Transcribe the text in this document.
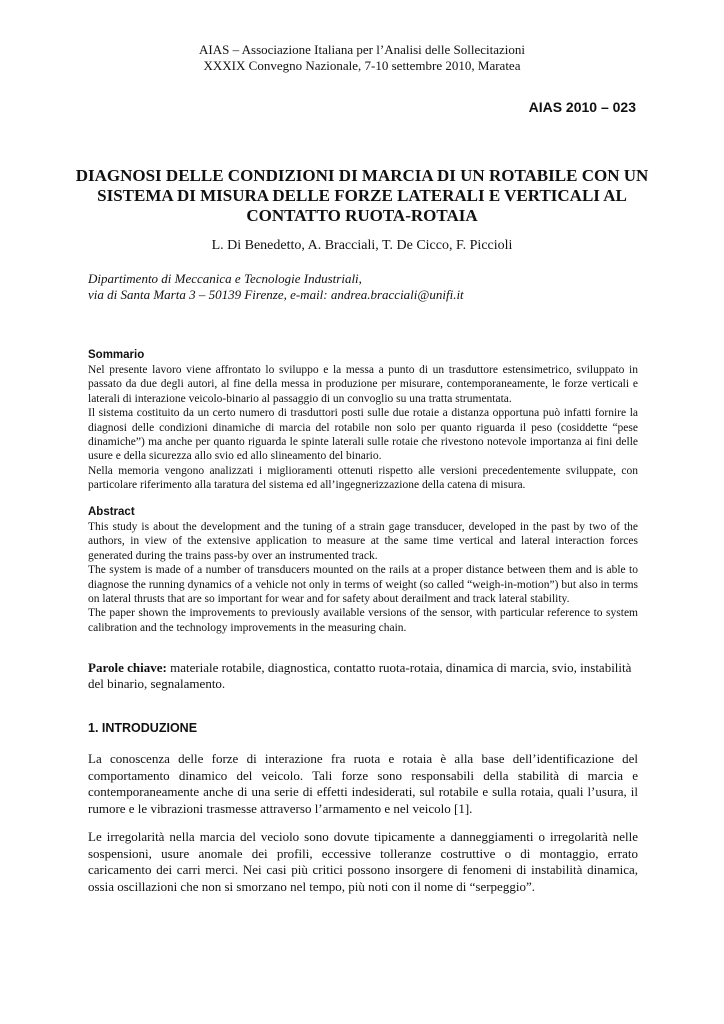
AIAS – Associazione Italiana per l’Analisi delle Sollecitazioni
XXXIX Convegno Nazionale, 7-10 settembre 2010, Maratea
AIAS 2010 – 023
DIAGNOSI DELLE CONDIZIONI DI MARCIA DI UN ROTABILE CON UN SISTEMA DI MISURA DELLE FORZE LATERALI E VERTICALI AL CONTATTO RUOTA-ROTAIA
L. Di Benedetto, A. Bracciali, T. De Cicco, F. Piccioli
Dipartimento di Meccanica e Tecnologie Industriali,
via di Santa Marta 3 – 50139 Firenze, e-mail: andrea.bracciali@unifi.it
Sommario

Nel presente lavoro viene affrontato lo sviluppo e la messa a punto di un trasduttore estensimetrico, sviluppato in passato da due degli autori, al fine della messa in produzione per misurare, contemporaneamente, le forze verticali e laterali di interazione veicolo-binario al passaggio di un convoglio su una tratta strumentata.

Il sistema costituito da un certo numero di trasduttori posti sulle due rotaie a distanza opportuna può infatti fornire la diagnosi delle condizioni dinamiche di marcia del rotabile non solo per quanto riguarda il peso (cosiddette “pese dinamiche”) ma anche per quanto riguarda le spinte laterali sulle rotaie che rivestono notevole importanza ai fini delle usure e della sicurezza allo svio ed allo slineamento del binario.

Nella memoria vengono analizzati i miglioramenti ottenuti rispetto alle versioni precedentemente sviluppate, con particolare riferimento alla taratura del sistema ed all’ingegnerizzazione della catena di misura.

Abstract

This study is about the development and the tuning of a strain gage transducer, developed in the past by two of the authors, in view of the extensive application to measure at the same time vertical and lateral interaction forces generated during the trains pass-by over an instrumented track.

The system is made of a number of transducers mounted on the rails at a proper distance between them and is able to diagnose the running dynamics of a vehicle not only in terms of weight (so called “weigh-in-motion”) but also in terms on lateral thrusts that are so important for wear and for safety about derailment and track lateral stability.

The paper shown the improvements to previously available versions of the sensor, with particular reference to system calibration and the technology improvements in the measuring chain.

Parole chiave: materiale rotabile, diagnostica, contatto ruota-rotaia, dinamica di marcia, svio, instabilità del binario, segnalamento.
1. INTRODUZIONE

La conoscenza delle forze di interazione fra ruota e rotaia è alla base dell’identificazione del comportamento dinamico del veicolo. Tali forze sono responsabili della stabilità di marcia e contemporaneamente anche di una serie di effetti indesiderati, sul rotabile e sulla rotaia, quali l’usura, il rumore e le vibrazioni trasmesse attraverso l’armamento e nel veicolo [1].

Le irregolarità nella marcia del veciolo sono dovute tipicamente a danneggiamenti o irregolarità nelle sospensioni, usure anomale dei profili, eccessive tolleranze costruttive o di montaggio, errato caricamento dei carri merci. Nei casi più critici possono insorgere di fenomeni di instabilità dinamica, ossia oscillazioni che non si smorzano nel tempo, più noti con il nome di “serpeggio”.
